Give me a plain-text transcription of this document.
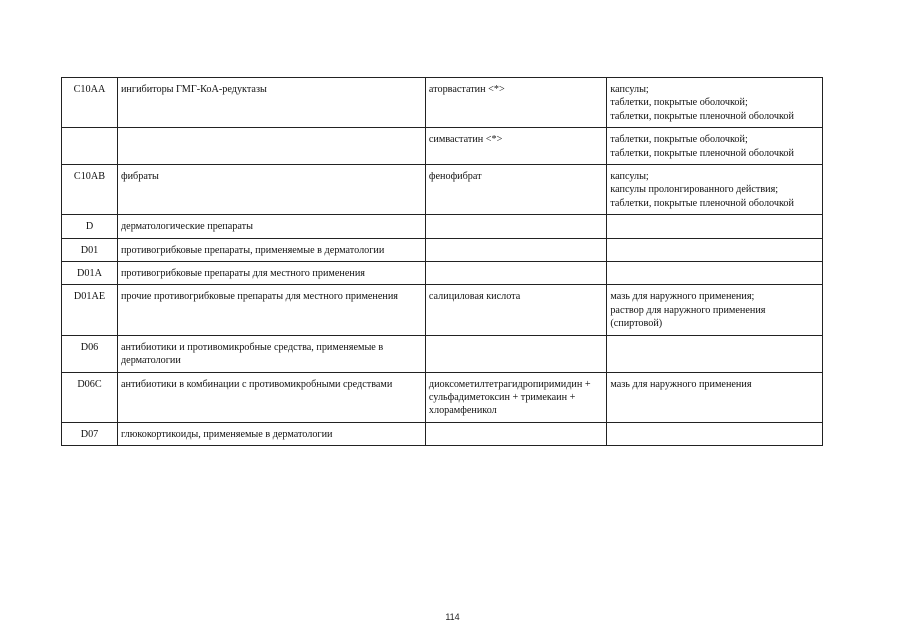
C10AA	ингибиторы ГМГ-КоА-редуктазы	аторвастатин <*>	капсулы;
таблетки, покрытые оболочкой;
таблетки, покрытые пленочной оболочкой
		симвастатин <*>	таблетки, покрытые оболочкой;
таблетки, покрытые пленочной оболочкой
C10AB	фибраты	фенофибрат	капсулы;
капсулы пролонгированного действия;
таблетки, покрытые пленочной оболочкой
D	дерматологические препараты		
D01	противогрибковые препараты, применяемые в дерматологии		
D01A	противогрибковые препараты для местного применения		
D01AE	прочие противогрибковые препараты для местного применения	салициловая кислота	мазь для наружного применения;
раствор для наружного применения (спиртовой)
D06	антибиотики и противомикробные средства, применяемые в дерматологии		
D06C	антибиотики в комбинации с противомикробными средствами	диоксометилтетрагидропиримидин + сульфадиметоксин + тримекаин + хлорамфеникол	мазь для наружного применения
D07	глюкокортикоиды, применяемые в дерматологии		
114
